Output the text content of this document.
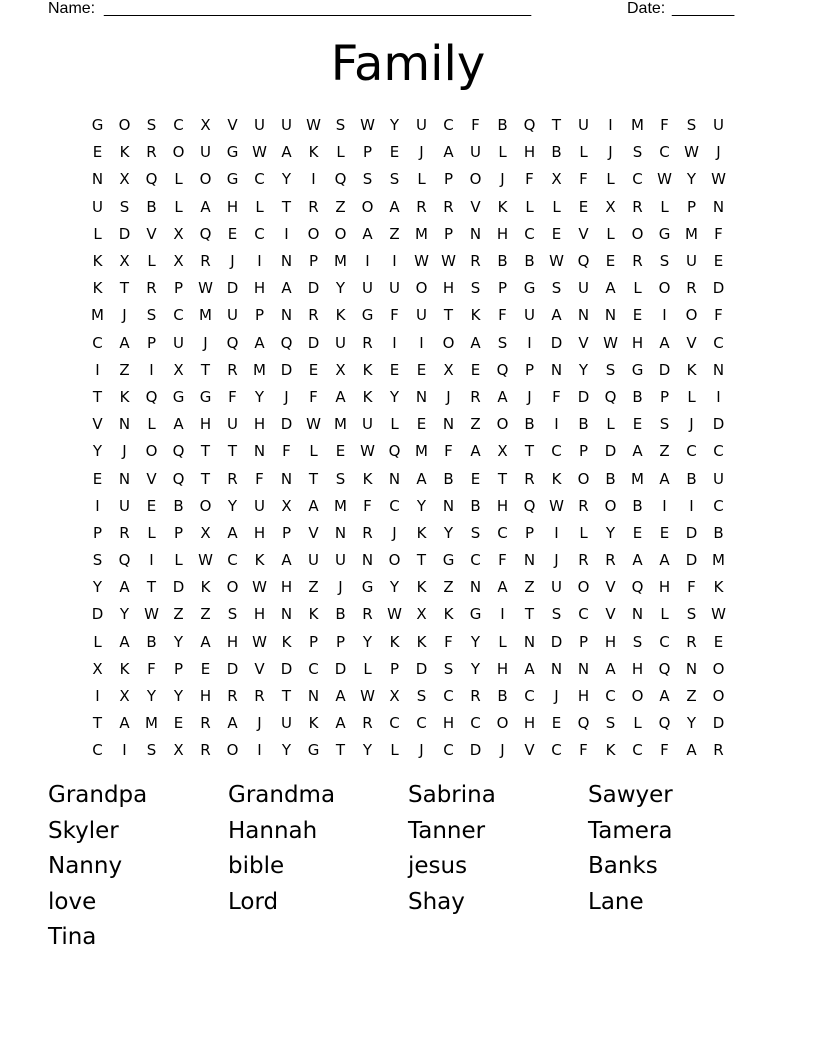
Name: ________________________________________________	Date: _______
Family
G	O	S	C	X	V	U	U W S W Y	U	C	F	B	Q	T	U	I	M	F	S	U
E	K	R	O	U	G W A	K	L	P	E	J	A	U	L	H	B	L	J	S	C W	J
N	X	Q	L	O	G	C	Y	I	Q	S	S	L	P	O	J	F	X	F	L	C W Y	W
U	S	B	L	A	H	L	T	R	Z	O	A	R	R	V	K	L	L	E	X	R	L	P	N
L	D	V	X	Q	E	C	I	O	O	A	Z	M	P	N	H	C	E	V	L	O	G M	F
K	X	L	X	R	J	I	N	P	M	I	I	W W R	B	B W Q	E	R	S	U	E
K	T	R	P	W D	H	A	D	Y	U	U	O	H	S	P	G	S	U	A	L	O	R	D
M	J	S	C	M	U	P	N	R	K	G	F	U	T	K	F	U	A	N	N	E	I	O	F
C	A	P	U	J	Q	A	Q	D	U	R	I	I	O	A	S	I	D	V W H	A	V	C
I	Z	I	X	T	R	M D	E	X	K	E	E	X	E	Q	P	N	Y	S	G	D	K	N
T	K	Q	G	G	F	Y	J	F	A	K	Y	N	J	R	A	J	F	D	Q	B	P	L	I
V	N	L	A	H	U	H	D W M	U	L	E	N	Z	O	B	I	B	L	E	S	J	D
Y	J	O	Q	T	T	N	F	L	E W Q M	F	A	X	T	C	P	D	A	Z	C	C
E	N	V	Q	T	R	F	N	T	S	K	N	A	B	E	T	R	K	O	B	M	A	B	U
I	U	E	B	O	Y	U	X	A	M	F	C	Y	N	B	H	Q W R	O	B	I	I	C
P	R	L	P	X	A	H	P	V	N	R	J	K	Y	S	C	P	I	L	Y	E	E	D	B
S	Q	I	L	W C	K	A	U	U	N	O	T	G	C	F	N	J	R	R	A	A	D M
Y	A	T	D	K	O W H	Z	J	G	Y	K	Z	N	A	Z	U	O	V	Q	H	F	K
D	Y	W Z	Z	S	H	N	K	B	R W X	K	G	I	T	S	C	V	N	L	S W
L	A	B	Y	A	H W K	P	P	Y	K	K	F	Y	L	N	D	P	H	S	C	R	E
X	K	F	P	E	D	V	D	C	D	L	P	D	S	Y	H	A	N	N	A	H	Q	N	O
I	X	Y	Y	H	R	R	T	N	A W X	S	C	R	B	C	J	H	C	O	A	Z	O
T	A	M	E	R	A	J	U	K	A	R	C	C	H	C	O	H	E	Q	S	L	Q	Y	D
C	I	S	X	R	O	I	Y	G	T	Y	L	J	C	D	J	V	C	F	K	C	F	A	R
Grandpa	Grandma	Sabrina	Sawyer
Skyler	Hannah	Tanner	Tamera
Nanny	bible	jesus	Banks
love	Lord	Shay	Lane
Tina
